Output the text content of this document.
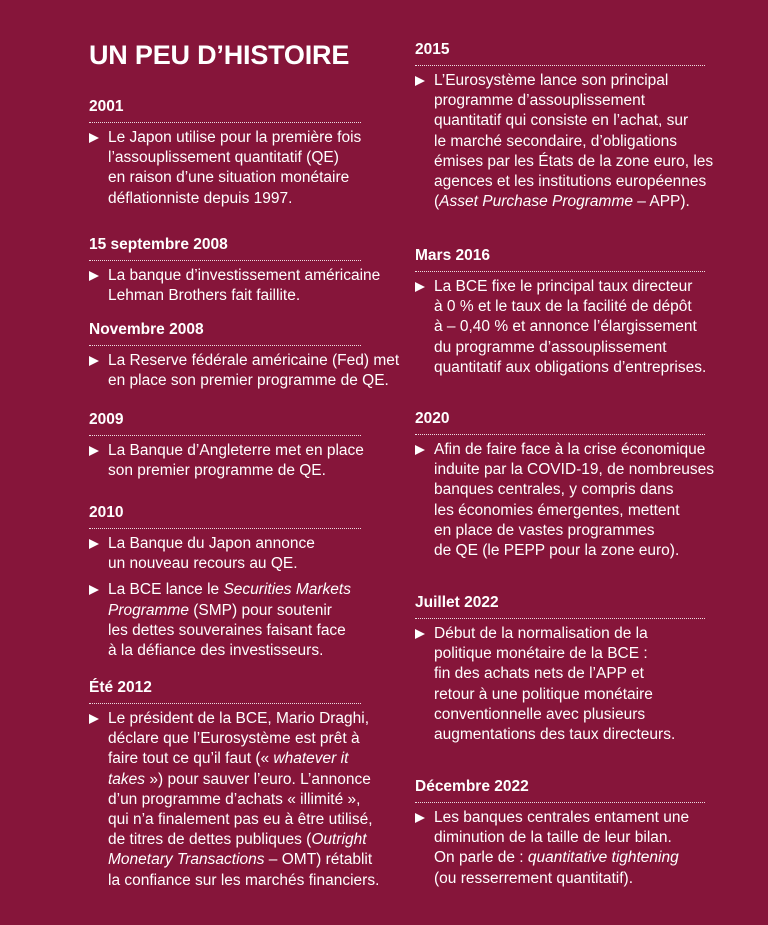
UN PEU D’HISTOIRE
2001
Le Japon utilise pour la première fois
l’assouplissement quantitatif (QE)
en raison d’une situation monétaire
déflationniste depuis 1997.
15 septembre 2008
La banque d’investissement américaine
Lehman Brothers fait faillite.
Novembre 2008
La Reserve fédérale américaine (Fed) met
en place son premier programme de QE.
2009
La Banque d’Angleterre met en place
son premier programme de QE.
2010
La Banque du Japon annonce
un nouveau recours au QE.
La BCE lance le Securities Markets
Programme (SMP) pour soutenir
les dettes souveraines faisant face
à la défiance des investisseurs.
Été 2012
Le président de la BCE, Mario Draghi,
déclare que l’Eurosystème est prêt à
faire tout ce qu’il faut (« whatever it
takes ») pour sauver l’euro. L’annonce
d’un programme d’achats « illimité »,
qui n’a finalement pas eu à être utilisé,
de titres de dettes publiques (Outright
Monetary Transactions – OMT) rétablit
la confiance sur les marchés financiers.
2015
L’Eurosystème lance son principal
programme d’assouplissement
quantitatif qui consiste en l’achat, sur
le marché secondaire, d’obligations
émises par les États de la zone euro, les
agences et les institutions européennes
(Asset Purchase Programme – APP).
Mars 2016
La BCE fixe le principal taux directeur
à 0 % et le taux de la facilité de dépôt
à – 0,40 % et annonce l’élargissement
du programme d’assouplissement
quantitatif aux obligations d’entreprises.
2020
Afin de faire face à la crise économique
induite par la COVID-19, de nombreuses
banques centrales, y compris dans
les économies émergentes, mettent
en place de vastes programmes
de QE (le PEPP pour la zone euro).
Juillet 2022
Début de la normalisation de la
politique monétaire de la BCE :
fin des achats nets de l’APP et
retour à une politique monétaire
conventionnelle avec plusieurs
augmentations des taux directeurs.
Décembre 2022
Les banques centrales entament une
diminution de la taille de leur bilan.
On parle de : quantitative tightening
(ou resserrement quantitatif).
